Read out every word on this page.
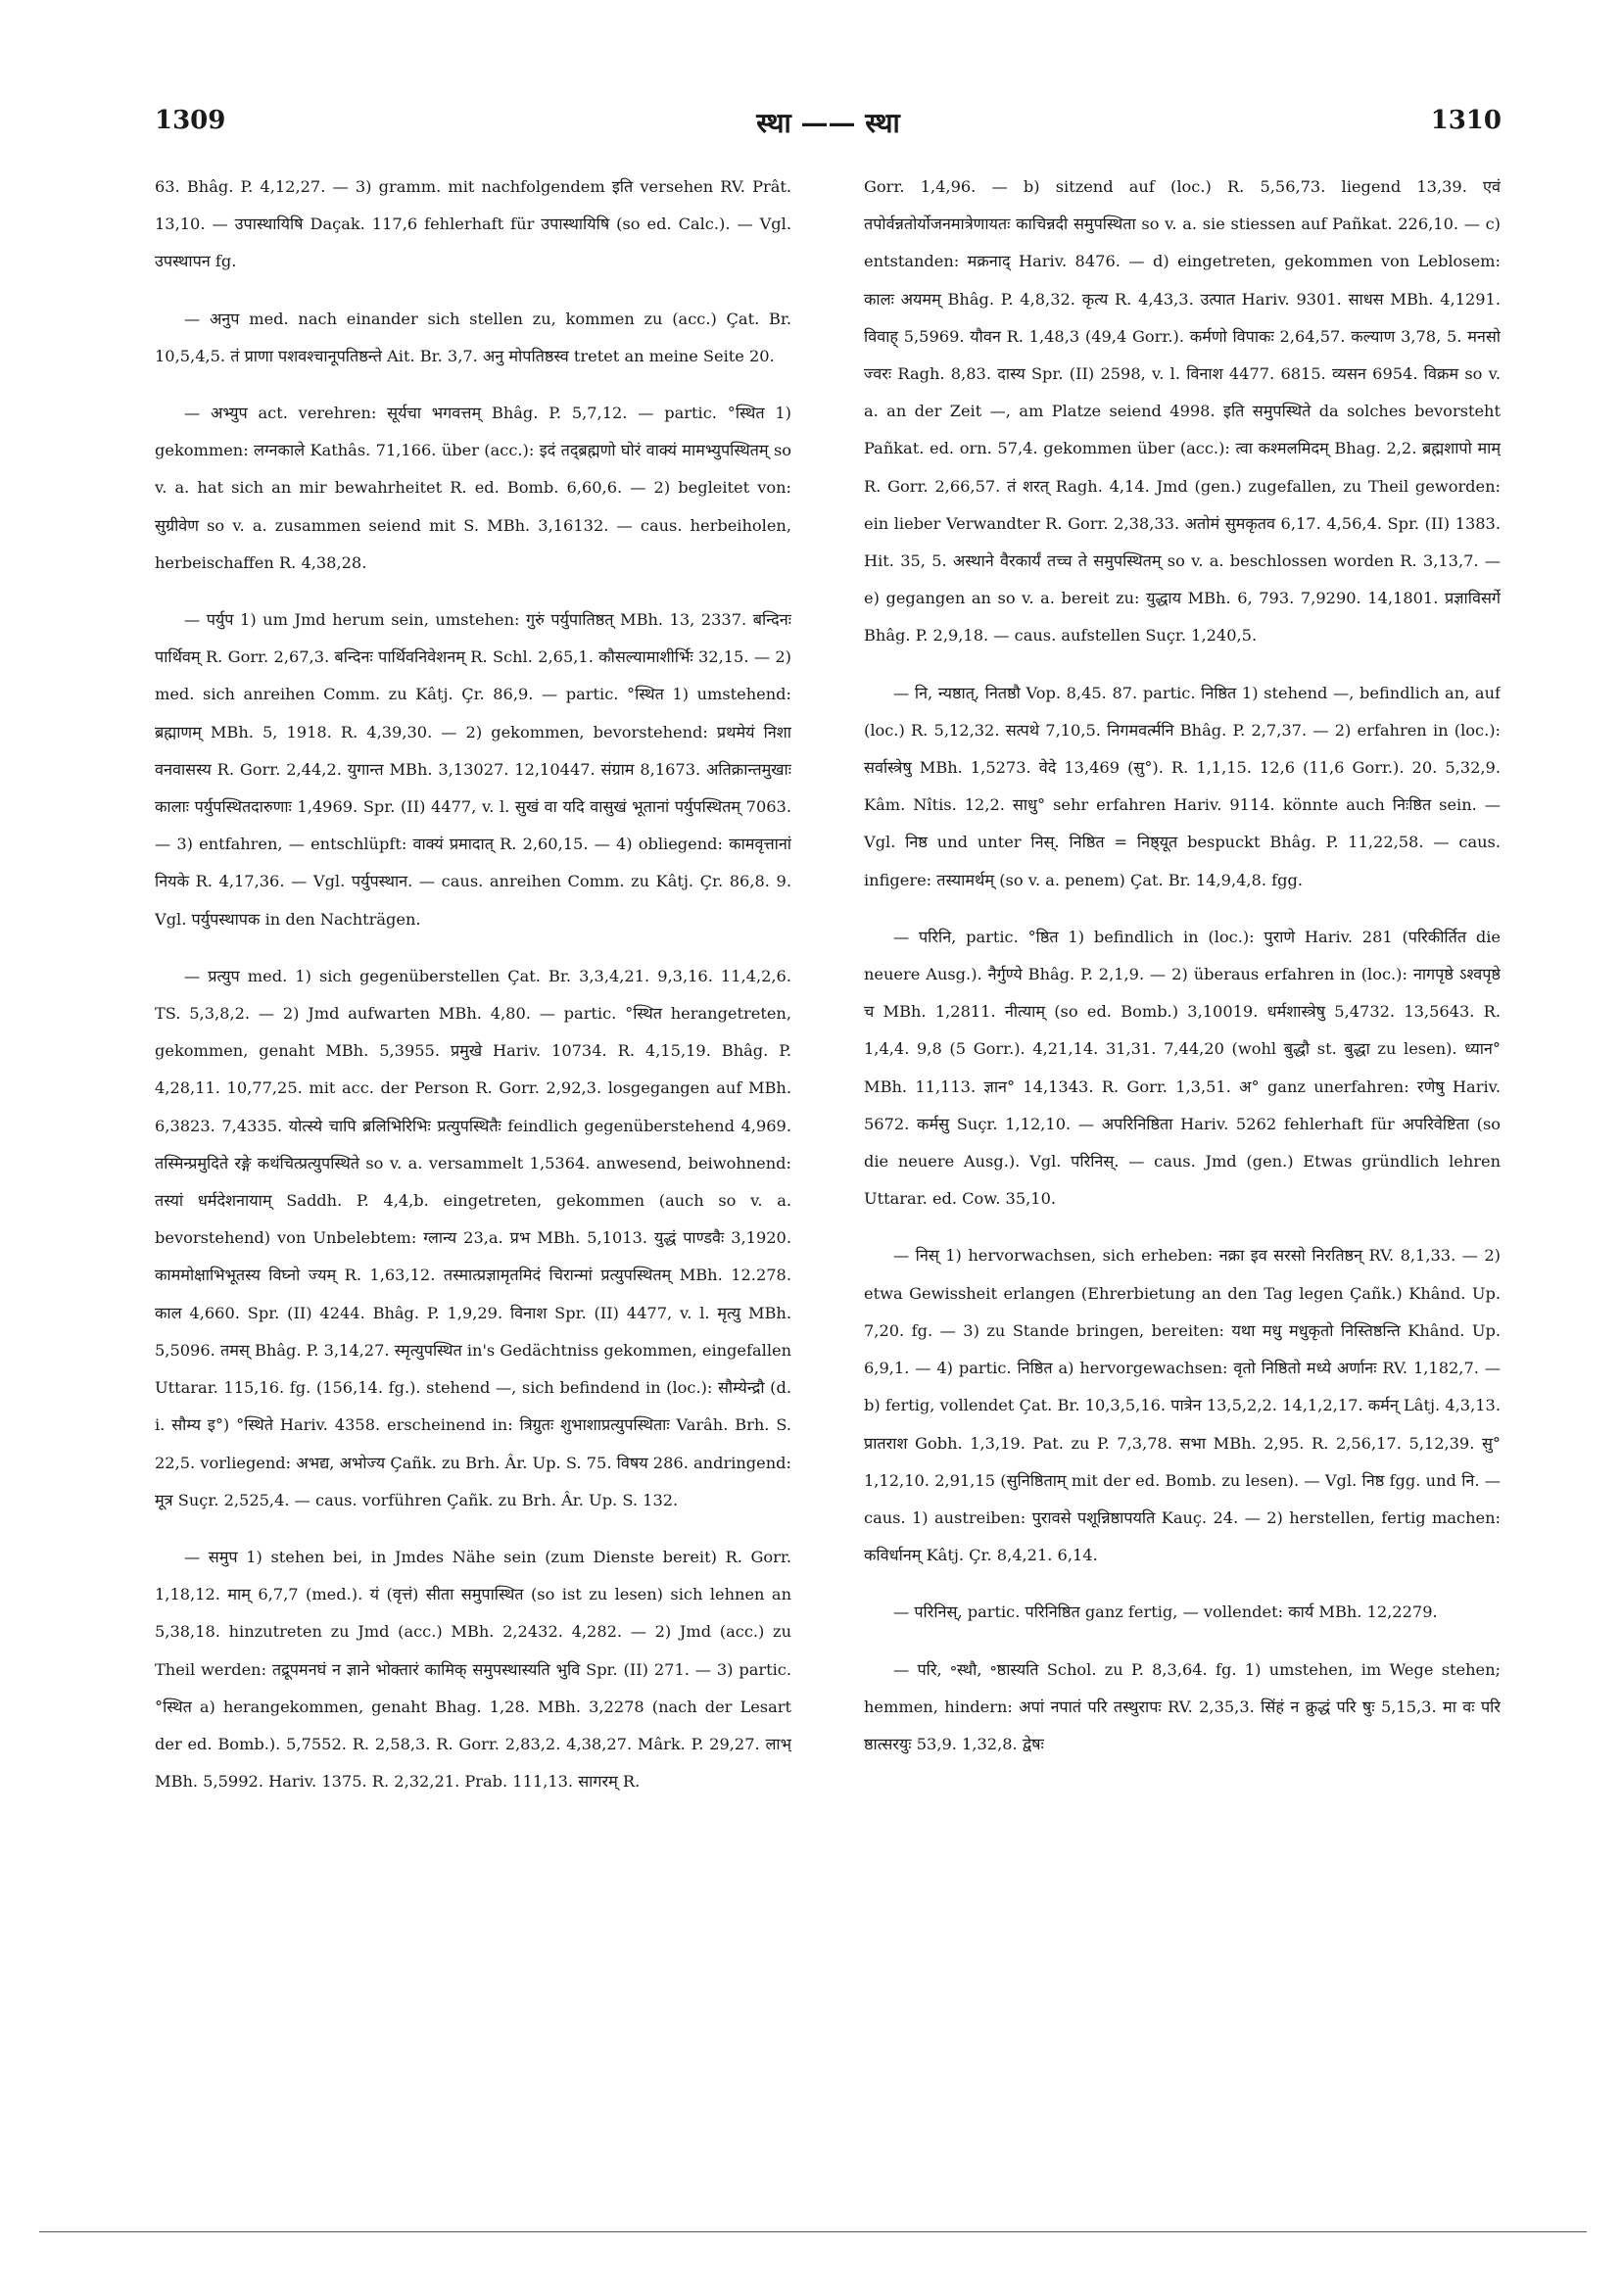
1309	स्था —— स्था	1310

63. Bhâg. P. 4,12,27. — 3) gramm. mit nachfolgendem इति versehen RV. Prât. 13,10. — उपास्थायिषि Daçak. 117,6 fehlerhaft für उपास्थायिषि (so ed. Calc.). — Vgl. उपस्थापन fg.

— अनुप med. nach einander sich stellen zu, kommen zu (acc.) Çat. Br. 10,5,4,5. तं प्राणा पशवश्चानूपतिष्ठन्ते Ait. Br. 3,7. अनु मोपतिष्ठस्व tretet an meine Seite 20.

— अभ्युप act. verehren: सूर्यचा भगवत्तम् Bhâg. P. 5,7,12. — partic. °स्थित 1) gekommen: लग्नकाले Kathâs. 71,166. über (acc.): इदं तद्ब्रह्मणो घोरं वाक्यं मामभ्युपस्थितम् so v. a. hat sich an mir bewahrheitet R. ed. Bomb. 6,60,6. — 2) begleitet von: सुग्रीवेण so v. a. zusammen seiend mit S. MBh. 3,16132. — caus. herbeiholen, herbeischaffen R. 4,38,28.

— पर्युप 1) um Jmd herum sein, umstehen: गुरुं पर्युपातिष्ठत् MBh. 13, 2337. बन्दिनः पार्थिवम् R. Gorr. 2,67,3. बन्दिनः पार्थिवनिवेशनम् R. Schl. 2,65,1. कौसल्यामाशीर्भिः 32,15. — 2) med. sich anreihen Comm. zu Kâtj. Çr. 86,9. — partic. °स्थित 1) umstehend: ब्रह्माणम् MBh. 5, 1918. R. 4,39,30. — 2) gekommen, bevorstehend: प्रथमेयं निशा वनवासस्य R. Gorr. 2,44,2. युगान्त MBh. 3,13027. 12,10447. संग्राम 8,1673. अतिक्रान्तमुखाः कालाः पर्युपस्थितदारुणाः 1,4969. Spr. (II) 4477, v. l. सुखं वा यदि वासुखं भूतानां पर्युपस्थितम् 7063. — 3) entfahren, — entschlüpft: वाक्यं प्रमादात् R. 2,60,15. — 4) obliegend: कामवृत्तानां नियके R. 4,17,36. — Vgl. पर्युपस्थान. — caus. anreihen Comm. zu Kâtj. Çr. 86,8. 9. Vgl. पर्युपस्थापक in den Nachträgen.

— प्रत्युप med. 1) sich gegenüberstellen Çat. Br. 3,3,4,21. 9,3,16. 11,4,2,6. TS. 5,3,8,2. — 2) Jmd aufwarten MBh. 4,80. — partic. °स्थित herangetreten, gekommen, genaht MBh. 5,3955. प्रमुखे Hariv. 10734. R. 4,15,19. Bhâg. P. 4,28,11. 10,77,25. mit acc. der Person R. Gorr. 2,92,3. losgegangen auf MBh. 6,3823. 7,4335. योत्स्ये चापि ब्रलिभिरिभिः प्रत्युपस्थितैः feindlich gegenüberstehend 4,969. तस्मिन्प्रमुदिते रङ्गे कथंचित्प्रत्युपस्थिते so v. a. versammelt 1,5364. anwesend, beiwohnend: तस्यां धर्मदेशनायाम् Saddh. P. 4,4,b. eingetreten, gekommen (auch so v. a. bevorstehend) von Unbelebtem: ग्लान्य 23,a. प्रभ MBh. 5,1013. युद्धं पाण्डवैः 3,1920. काममोक्षाभिभूतस्य विघ्नो ज्यम् R. 1,63,12. तस्मात्प्रज्ञामृतमिदं चिरान्मां प्रत्युपस्थितम् MBh. 12.278. काल 4,660. Spr. (II) 4244. Bhâg. P. 1,9,29. विनाश Spr. (II) 4477, v. l. मृत्यु MBh. 5,5096. तमस् Bhâg. P. 3,14,27. स्मृत्युपस्थित in's Gedächtniss gekommen, eingefallen Uttarar. 115,16. fg. (156,14. fg.). stehend —, sich befindend in (loc.): सौम्येन्द्रौ (d. i. सौम्य इ°) °स्थिते Hariv. 4358. erscheinend in: त्रिग्रुतः शुभाशाप्रत्युपस्थिताः Varâh. Brh. S. 22,5. vorliegend: अभद्य, अभोज्य Çañk. zu Brh. Âr. Up. S. 75. विषय 286. andringend: मूत्र Suçr. 2,525,4. — caus. vorführen Çañk. zu Brh. Âr. Up. S. 132.

— समुप 1) stehen bei, in Jmdes Nähe sein (zum Dienste bereit) R. Gorr. 1,18,12. माम् 6,7,7 (med.). यं (वृत्तं) सीता समुपास्थित (so ist zu lesen) sich lehnen an 5,38,18. hinzutreten zu Jmd (acc.) MBh. 2,2432. 4,282. — 2) Jmd (acc.) zu Theil werden: तद्रूपमनघं न ज्ञाने भोक्तारं कामिक् समुपस्थास्यति भुवि Spr. (II) 271. — 3) partic. °स्थित a) herangekommen, genaht Bhag. 1,28. MBh. 3,2278 (nach der Lesart der ed. Bomb.). 5,7552. R. 2,58,3. R. Gorr. 2,83,2. 4,38,27. Mârk. P. 29,27. लाभ् MBh. 5,5992. Hariv. 1375. R. 2,32,21. Prab. 111,13. सागरम् R.

Gorr. 1,4,96. — b) sitzend auf (loc.) R. 5,56,73. liegend 13,39. एवं तपोर्वन्नतोर्योजनमात्रेणायतः काचिन्नदी समुपस्थिता so v. a. sie stiessen auf Pañkat. 226,10. — c) entstanden: मक्रनाद् Hariv. 8476. — d) eingetreten, gekommen von Leblosem: कालः अयमम् Bhâg. P. 4,8,32. कृत्य R. 4,43,3. उत्पात Hariv. 9301. साधस MBh. 4,1291. विवाह् 5,5969. यौवन R. 1,48,3 (49,4 Gorr.). कर्मणो विपाकः 2,64,57. कल्याण 3,78, 5. मनसो ज्वरः Ragh. 8,83. दास्य Spr. (II) 2598, v. l. विनाश 4477. 6815. व्यसन 6954. विक्रम so v. a. an der Zeit —, am Platze seiend 4998. इति समुपस्थिते da solches bevorsteht Pañkat. ed. orn. 57,4. gekommen über (acc.): त्वा कश्मलमिदम् Bhag. 2,2. ब्रह्मशापो माम् R. Gorr. 2,66,57. तं शरत् Ragh. 4,14. Jmd (gen.) zugefallen, zu Theil geworden: ein lieber Verwandter R. Gorr. 2,38,33. अतोमं सुमकृतव 6,17. 4,56,4. Spr. (II) 1383. Hit. 35, 5. अस्थाने वैरकार्यं तच्च ते समुपस्थितम् so v. a. beschlossen worden R. 3,13,7. — e) gegangen an so v. a. bereit zu: युद्धाय MBh. 6, 793. 7,9290. 14,1801. प्रज्ञाविसर्गे Bhâg. P. 2,9,18. — caus. aufstellen Suçr. 1,240,5.

— नि, न्यष्ठात्, नितष्ठौ Vop. 8,45. 87. partic. निष्ठित 1) stehend —, befindlich an, auf (loc.) R. 5,12,32. सत्पथे 7,10,5. निगमवर्त्मनि Bhâg. P. 2,7,37. — 2) erfahren in (loc.): सर्वास्त्रेषु MBh. 1,5273. वेदे 13,469 (सु°). R. 1,1,15. 12,6 (11,6 Gorr.). 20. 5,32,9. Kâm. Nîtis. 12,2. साधु° sehr erfahren Hariv. 9114. könnte auch निःष्ठित sein. — Vgl. निष्ठ und unter निस्. निष्ठित = निष्ठ्यूत bespuckt Bhâg. P. 11,22,58. — caus. infigere: तस्यामर्थम् (so v. a. penem) Çat. Br. 14,9,4,8. fgg.

— परिनि, partic. °ष्ठित 1) befindlich in (loc.): पुराणे Hariv. 281 (परिकीर्तित die neuere Ausg.). नैर्गुण्ये Bhâg. P. 2,1,9. — 2) überaus erfahren in (loc.): नागपृष्ठे ऽश्वपृष्ठे च MBh. 1,2811. नीत्याम् (so ed. Bomb.) 3,10019. धर्मशास्त्रेषु 5,4732. 13,5643. R. 1,4,4. 9,8 (5 Gorr.). 4,21,14. 31,31. 7,44,20 (wohl बुद्धौ st. बुद्धा zu lesen). ध्यान° MBh. 11,113. ज्ञान° 14,1343. R. Gorr. 1,3,51. अ° ganz unerfahren: रणेषु Hariv. 5672. कर्मसु Suçr. 1,12,10. — अपरिनिष्ठिता Hariv. 5262 fehlerhaft für अपरिवेष्टिता (so die neuere Ausg.). Vgl. परिनिस्. — caus. Jmd (gen.) Etwas gründlich lehren Uttarar. ed. Cow. 35,10.

— निस् 1) hervorwachsen, sich erheben: नक्रा इव सरसो निरतिष्ठन् RV. 8,1,33. — 2) etwa Gewissheit erlangen (Ehrerbietung an den Tag legen Çañk.) Khând. Up. 7,20. fg. — 3) zu Stande bringen, bereiten: यथा मधु मधुकृतो निस्तिष्ठन्ति Khând. Up. 6,9,1. — 4) partic. निष्ठित a) hervorgewachsen: वृतो निष्ठितो मध्ये अर्णानः RV. 1,182,7. — b) fertig, vollendet Çat. Br. 10,3,5,16. पात्रेन 13,5,2,2. 14,1,2,17. कर्मन् Lâtj. 4,3,13. प्रातराश Gobh. 1,3,19. Pat. zu P. 7,3,78. सभा MBh. 2,95. R. 2,56,17. 5,12,39. सु° 1,12,10. 2,91,15 (सुनिष्ठिताम् mit der ed. Bomb. zu lesen). — Vgl. निष्ठ fgg. und नि. — caus. 1) austreiben: पुरावसे पशून्निष्ठापयति Kauç. 24. — 2) herstellen, fertig machen: कविर्धानम् Kâtj. Çr. 8,4,21. 6,14.

— परिनिस्, partic. परिनिष्ठित ganz fertig, — vollendet: कार्य MBh. 12,2279.

— परि, ॰स्थौ, ॰ष्ठास्यति Schol. zu P. 8,3,64. fg. 1) umstehen, im Wege stehen; hemmen, hindern: अपां नपातं परि तस्थुरापः RV. 2,35,3. सिंहं न क्रुद्धं परि षुः 5,15,3. मा वः परि ष्ठात्सरयुः 53,9. 1,32,8. द्वेषः
